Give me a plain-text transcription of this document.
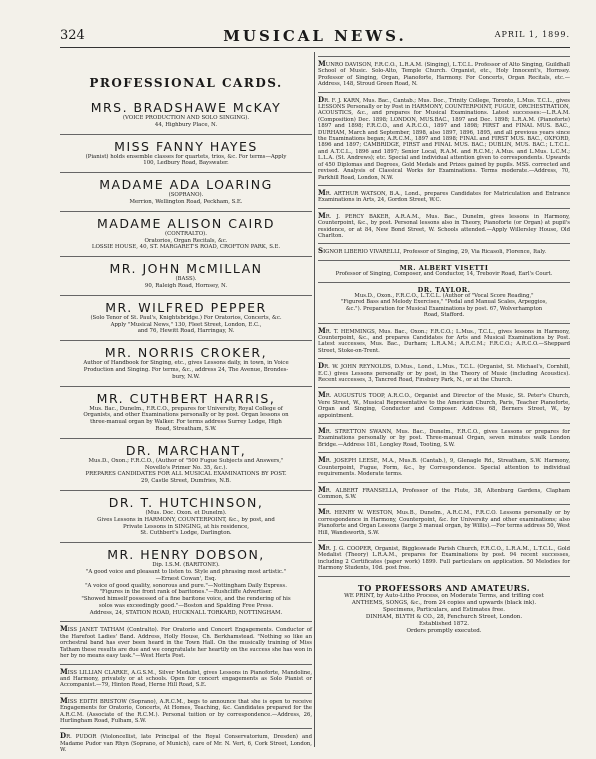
324	MUSICAL NEWS.	APRIL 1, 1899.
PROFESSIONAL CARDS.
MRS. BRADSHAWE McKAY
(VOICE PRODUCTION AND SOLO SINGING).
44, Highbury Place, N.
MISS FANNY HAYES
(Pianist) holds ensemble classes for quartets, trios, &c. For terms—Apply
100, Ledbury Road, Bayswater.
MADAME ADA LOARING
(SOPRANO).
Merrion, Wellington Road, Peckham, S.E.
MADAME ALISON CAIRD
(CONTRALTO).
Oratorios, Organ Recitals, &c.
LOSSIE HOUSE, 40, ST. MARGARET'S ROAD, CROFTON PARK, S.E.
MR. JOHN McMILLAN
(BASS).
90, Raleigh Road, Hornsey, N.
MR. WILFRED PEPPER
(Solo Tenor of St. Paul's, Knightsbridge.) For Oratorios, Concerts, &c.
Apply "Musical News," 130, Fleet Street, London, E.C.,
and 76, Hewitt Road, Harringay, N.
MR. NORRIS CROKER,
Author of Handbook for Singing, etc., gives Lessons daily, in town, in Voice
Production and Singing. For terms, &c., address 24, The Avenue, Brondes-
bury, N.W.
MR. CUTHBERT HARRIS,
Mus. Bac., Dunelm., F.R.C.O., prepares for University, Royal College of
Organists, and other Examinations personally or by post. Organ lessons on
three-manual organ by Walker. For terms address Surrey Lodge, High
Road, Streatham, S.W.
DR. MARCHANT,
Mus.D., Oxon.; F.R.C.O., (Author of "500 Fugue Subjects and Answers,"
Novello's Primer No. 35, &c.).
PREPARES CANDIDATES FOR ALL MUSICAL EXAMINATIONS BY POST.
29, Castle Street, Dumfries, N.B.
DR. T. HUTCHINSON,
(Mus. Doc. Oxon. et Dunelm).
Gives Lessons in HARMONY, COUNTERPOINT, &c., by post, and
Private Lessons in SINGING, at his residence,
St. Cuthbert's Lodge, Darlington.
MR. HENRY DOBSON,
Dip. I.S.M. (BARITONE).
"A good voice and pleasant to listen to. Style and phrasing most artistic."
—Ernest Cowan', Esq.
"A voice of good quality, sonorous and pure."—Nottingham Daily Express.
"Figures in the front rank of baritones."—Rushcliffe Advertiser.
"Showed himself possessed of a fine baritone voice, and the rendering of his
solos was exceedingly good."—Boston and Spalding Free Press.
Address, 24, STATION ROAD, HUCKNALL TORKARD, NOTTINGHAM.
MISS JANET TATHAM (Contralto). For Oratorio and Concert Engagements. Conductor of the Harefoot Ladies' Band. Address, Holly House, Ch. Berkhamstead. "Nothing so like an orchestral band has ever been heard in the Town Hall. On the musically training of Miss Tatham these results are due and we congratulate her heartily on the success she has won in her by no means easy task."—West Herts Post.
MISS LILLIAN CLARKE, A.G.S.M., Silver Medalist, gives Lessons in Pianoforte, Mandoline, and Harmony, privately or at schools. Open for concert engagements as Solo Pianist or Accompanist.—79, Hinton Road, Herne Hill Road, S.E.
MISS EDITH BRISTOW (Soprano), A.R.C.M., begs to announce that she is open to receive Engagements for Oratorio, Concerts, At Homes, Teaching, &c. Candidates prepared for the A.R.C.M. (Associate of the R.C.M.). Personal tuition or by correspondence.—Address, 26, Hurlingham Road, Fulham, S.W.
DR. PUDOR (Violoncellist, late Principal of the Royal Conservatorium, Dresden) and Madame Pudor van Rhyn (Soprano, of Munich), care of Mr. N. Vert, 6, Cork Street, London, W.
MUNRO DAVISON, F.R.C.O., L.R.A.M. (Singing), L.T.C.L. Professor of Alto Singing, Guildhall School of Music. Solo-Alto, Temple Church. Organist, etc., Holy Innocent's, Hornsey. Professor of Singing, Organ, Pianoforte, Harmony. For Concerts, Organ Recitals, etc.—Address, 148, Stroud Green Road, N.
DR. F. J. KARN, Mus. Bac., Cantab.; Mus. Doc., Trinity College, Toronto, L.Mus. T.C.L., gives LESSONS Personally or by Post in HARMONY, COUNTERPOINT, FUGUE, ORCHESTRATION, ACOUSTICS, &c., and prepares for Musical Examinations. Latest successes:—L.R.A.M. (Composition) Dec. 1898; LONDON, MUS.BAC., 1897 and Dec. 1898; L.R.A.M. (Pianoforte) 1897 and 1898; F.R.C.O., and A.R.C.O., 1897 and 1898; FIRST and FINAL MUS. BAC., DURHAM, March and September, 1898, also 1897, 1896, 1895, and all previous years since the Examinations began; A.R.C.M., 1897 and 1898; FINAL and FIRST MUS. BAC., OXFORD, 1896 and 1897; CAMBRIDGE, FIRST and FINAL MUS. BAC.; DUBLIN, MUS. BAC.; L.T.C.L. and A.T.C.L., 1896 and 1897; Senior Local, R.A.M. and R.C.M.; A.Mus. and L.Mus. L.C.M.; L.L.A. (St. Andrews); etc. Special and individual attention given to correspondents. Upwards of 450 Diplomas and Degrees, Gold Medals and Prizes gained by pupils. MSS. corrected and revised. Analysis of Classical Works for Examinations. Terms moderate.—Address, 70, Parkhill Road, London, N.W.
MR. ARTHUR WATSON, B.A., Lond., prepares Candidates for Matriculation and Entrance Examinations in Arts, 24, Gordon Street, W.C.
MR. J. PERCY BAKER, A.R.A.M., Mus. Bac., Dunelm, gives lessons in Harmony, Counterpoint, &c., by post. Personal lessons also in Theory, Pianoforte (or Organ) at pupil's residence, or at 84, New Bond Street, W. Schools attended.—Apply Willersley House, Old Charlton.
SIGNOR LIBERIO VIVARELLI, Professor of Singing, 29, Via Ricasoli, Florence, Italy.
MR. ALBERT VISETTI
Professor of Singing, Composer, and Conductor, 14, Trebovir Road, Earl's Court.
DR. TAYLOR.
Mus.D., Oxon., F.R.C.O., L.T.C.L. (Author of "Vocal Score Reading,"
"Figured Bass and Melody Exercises," "Pedal and Manual Scales, Arpeggios,
&c."). Preparation for Musical Examinations by post. 67, Wolverhampton
Road, Stafford.
MR. T. HEMMINGS, Mus. Bac., Oxon.; F.R.C.O.; L.Mus., T.C.L., gives lessons in Harmony, Counterpoint, &c., and prepares Candidates for Arts and Musical Examinations by Post. Latest successes, Mus. Bac., Durham; L.R.A.M.; A.R.C.M.; F.R.C.O.; A.R.C.O.—Sheppard Street, Stoke-on-Trent.
DR. W. JOHN REYNOLDS, D.Mus., Lond., L.Mus., T.C.L. (Organist, St. Michael's, Cornhill, E.C.) gives Lessons personally or by post, in the Theory of Music (including Acoustics). Recent successes, 3, Tancred Road, Finsbury Park, N., or at the Church.
MR. AUGUSTUS TOOP, A.R.C.O., Organist and Director of the Music, St. Peter's Church, Vere Street, W., Musical Representative to the American Church, Paris, Teacher Pianoforte, Organ and Singing, Conductor and Composer. Address 68, Berners Street, W., by appointment.
MR. STRETTON SWANN, Mus. Bac., Dunelm., F.R.C.O., gives Lessons or prepares for Examinations personally or by post. Three-manual Organ, seven minutes walk London Bridge.—Address 181, Longley Road, Tooting, S.W.
MR. JOSEPH LEESE, M.A., Mus.B. (Cantab.), 9, Glenagle Rd., Streatham, S.W. Harmony, Counterpoint, Fugue, Form, &c., by Correspondence. Special attention to individual requirements. Moderate terms.
MR. ALBERT FRANSELLA, Professor of the Flute, 38, Altenburg Gardens, Clapham Common, S.W.
MR. HENRY W. WESTON, Mus.B., Dunelm., A.R.C.M., F.R.C.O. Lessons personally or by correspondence in Harmony, Counterpoint, &c. for University and other examinations; also Pianoforte and Organ Lessons (large 3 manual organ, by Willis).—For terms address 50, West Hill, Wandsworth, S.W.
MR. J. G. COOPER, Organist, Biggleswade Parish Church, F.R.C.O., L.R.A.M., L.T.C.L., Gold Medalist (Theory) L.R.A.M., prepares for Examinations by post. 94 recent successes, including 2 Certificates (paper work) 1899. Full particulars on application. 50 Melodies for Harmony Students, 10d. post free.
TO PROFESSORS AND AMATEURS.
WE PRINT, by Auto-Litho Process, on Moderate Terms, and trifling cost
ANTHEMS, SONGS, &c., from 24 copies and upwards (black ink).
Specimens, Particulars, and Estimates free.
DINHAM, BLYTH & CO., 28, Fenchurch Street, London.
Established 1872.
Orders promptly executed.
